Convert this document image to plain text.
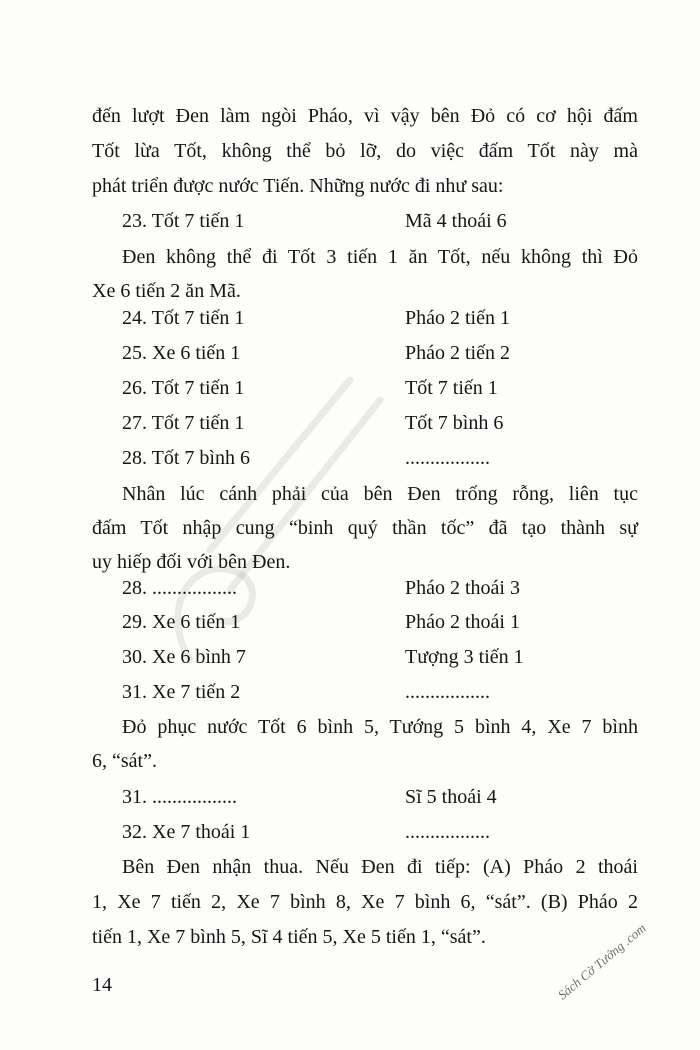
đến lượt Đen làm ngòi Pháo, vì vậy bên Đỏ có cơ hội đấm
Tốt lừa Tốt, không thể bỏ lỡ, do việc đấm Tốt này mà
phát triển được nước Tiến. Những nước đi như sau:
23. Tốt 7 tiến 1	Mã 4 thoái 6
Đen không thể đi Tốt 3 tiến 1 ăn Tốt, nếu không thì Đỏ
Xe 6 tiến 2 ăn Mã.
24. Tốt 7 tiến 1	Pháo 2 tiến 1
25. Xe 6 tiến 1	Pháo 2 tiến 2
26. Tốt 7 tiến 1	Tốt 7 tiến 1
27. Tốt 7 tiến 1	Tốt 7 bình 6
28. Tốt 7 bình 6	.................
Nhân lúc cánh phải của bên Đen trống rỗng, liên tục
đấm Tốt nhập cung “binh quý thần tốc” đã tạo thành sự
uy hiếp đối với bên Đen.
28. .................	Pháo 2 thoái 3
29. Xe 6 tiến 1	Pháo 2 thoái 1
30. Xe 6 bình 7	Tượng 3 tiến 1
31. Xe 7 tiến 2	.................
Đỏ phục nước Tốt 6 bình 5, Tướng 5 bình 4, Xe 7 bình
6, “sát”.
31. .................	Sĩ 5 thoái 4
32. Xe 7 thoái 1	.................
Bên Đen nhận thua. Nếu Đen đi tiếp: (A) Pháo 2 thoái
1, Xe 7 tiến 2, Xe 7 bình 8, Xe 7 bình 6, “sát”. (B) Pháo 2
tiến 1, Xe 7 bình 5, Sĩ 4 tiến 5, Xe 5 tiến 1, “sát”.
14	Sách Cờ Tướng .com
